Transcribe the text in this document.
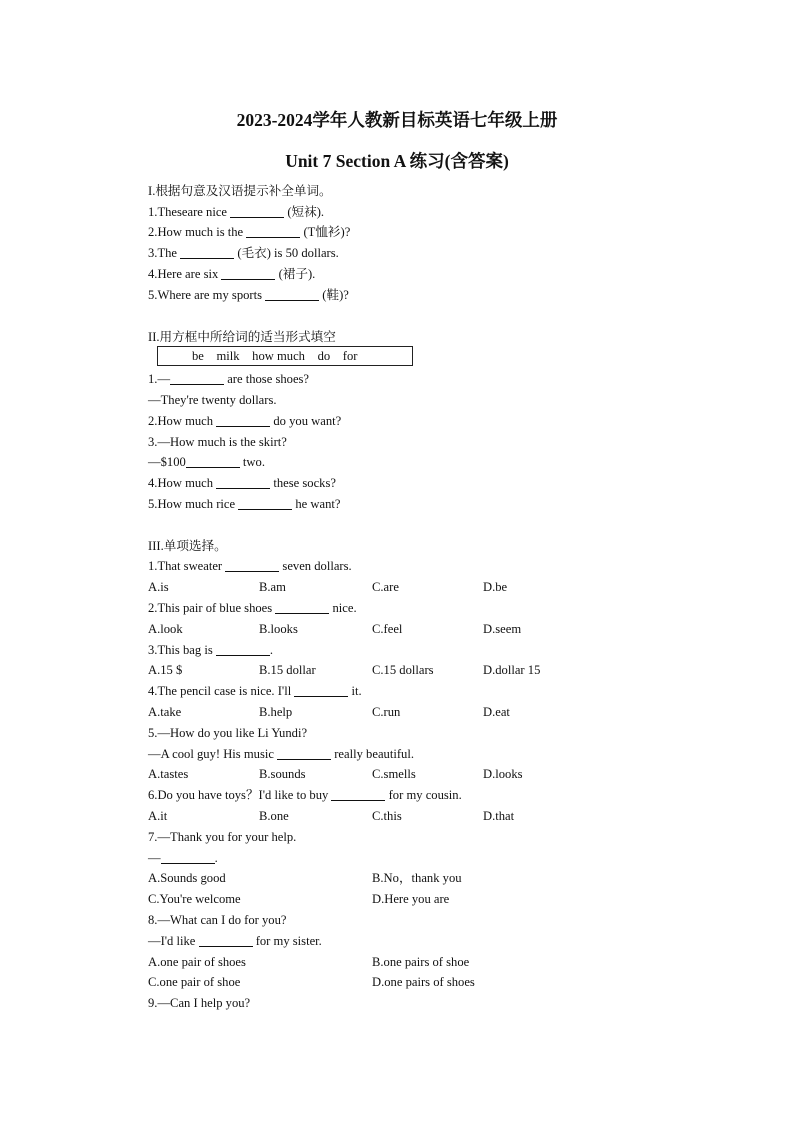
2023-2024学年人教新目标英语七年级上册
Unit 7 Section A 练习(含答案)
I.根据句意及汉语提示补全单词。
1.Theseare nice	(短袜).
2.How much is the	(T恤衫)?
3.The	(毛衣) is 50 dollars.
4.Here are six	(裙子).
5.Where are my sports	(鞋)?
II.用方框中所给词的适当形式填空
be    milk    how much    do    for
1.—	are those shoes?
—They're twenty dollars.
2.How much	do you want?
3.—How much is the skirt?
—$100	two.
4.How much	these socks?
5.How much rice	he want?
III.单项选择。
1.That sweater	seven dollars.
A.is	B.am	C.are	D.be
2.This pair of blue shoes	nice.
A.look	B.looks	C.feel	D.seem
3.This bag is	.
A.15 $	B.15 dollar	C.15 dollars	D.dollar 15
4.The pencil case is nice. I'll	it.
A.take	B.help	C.run	D.eat
5.—How do you like Li Yundi?
—A cool guy! His music	really beautiful.
A.tastes	B.sounds	C.smells	D.looks
6.Do you have toys？I'd like to buy	for my cousin.
A.it	B.one	C.this	D.that
7.—Thank you for your help.
—	.
A.Sounds good	B.No，thank you
C.You're welcome	D.Here you are
8.—What can I do for you?
—I'd like	for my sister.
A.one pair of shoes	B.one pairs of shoe
C.one pair of shoe	D.one pairs of shoes
9.—Can I help you?
